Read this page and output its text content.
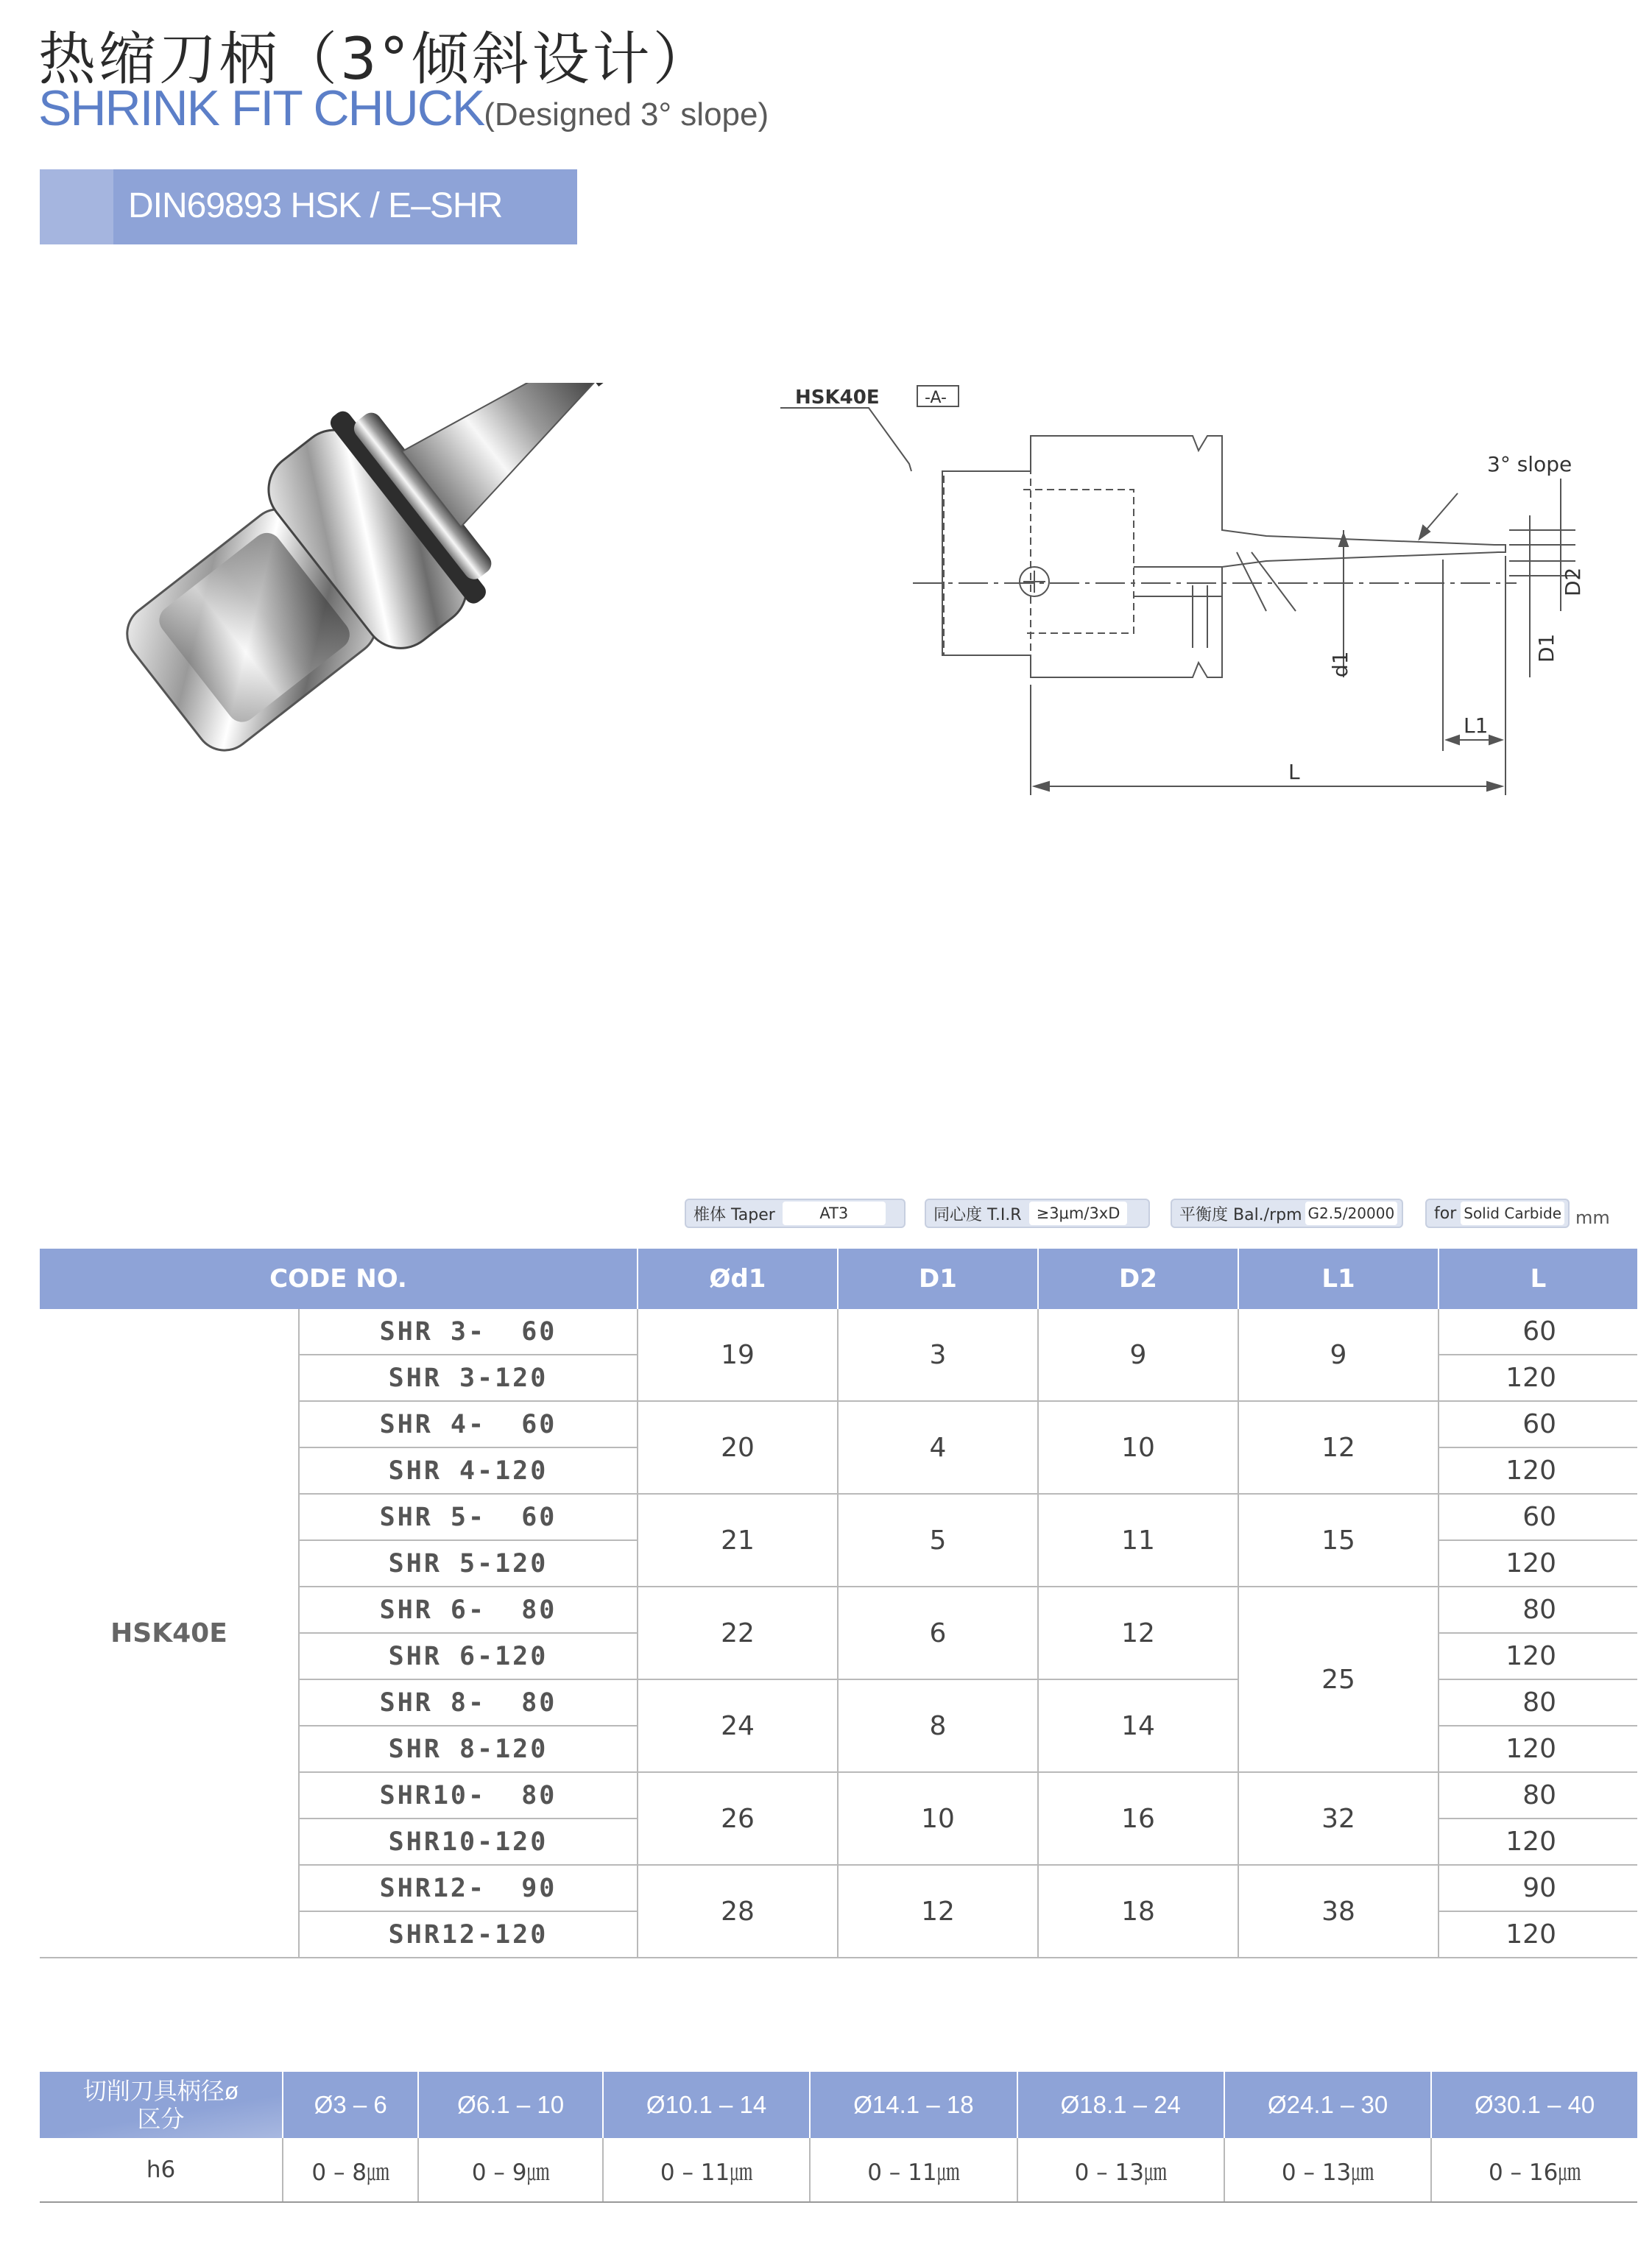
热缩刀柄（3°倾斜设计）
SHRINK FIT CHUCK(Designed 3° slope)
DIN69893 HSK / E–SHR
HSK40E	-A-
3° slope
d1
D1
D2
L1
L
椎体 Taper	AT3	同心度 T.I.R ≥3μm/3xD	平衡度 Bal./rpm G2.5/20000 for Solid Carbide mm
CODE NO.		Ød1	D1	D2	L1	L
HSK40E	SHR 3-  60	19	3	9	9	60
	SHR 3-120					120
	SHR 4-  60	20	4	10	12	60
	SHR 4-120					120
	SHR 5-  60	21	5	11	15	60
	SHR 5-120					120
	SHR 6-  80	22	6	12	25	80
	SHR 6-120					120
	SHR 8-  80	24	8	14		80
	SHR 8-120					120
	SHR10-  80	26	10	16	32	80
	SHR10-120					120
	SHR12-  90	28	12	18	38	90
	SHR12-120					120
切削刀具柄径ø
区分	Ø3 – 6	Ø6.1 – 10	Ø10.1 – 14	Ø14.1 – 18	Ø18.1 – 24	Ø24.1 – 30	Ø30.1 – 40
h6	0 – 8㎛	0 – 9㎛	0 – 11㎛	0 – 11㎛	0 – 13㎛	0 – 13㎛	0 – 16㎛
